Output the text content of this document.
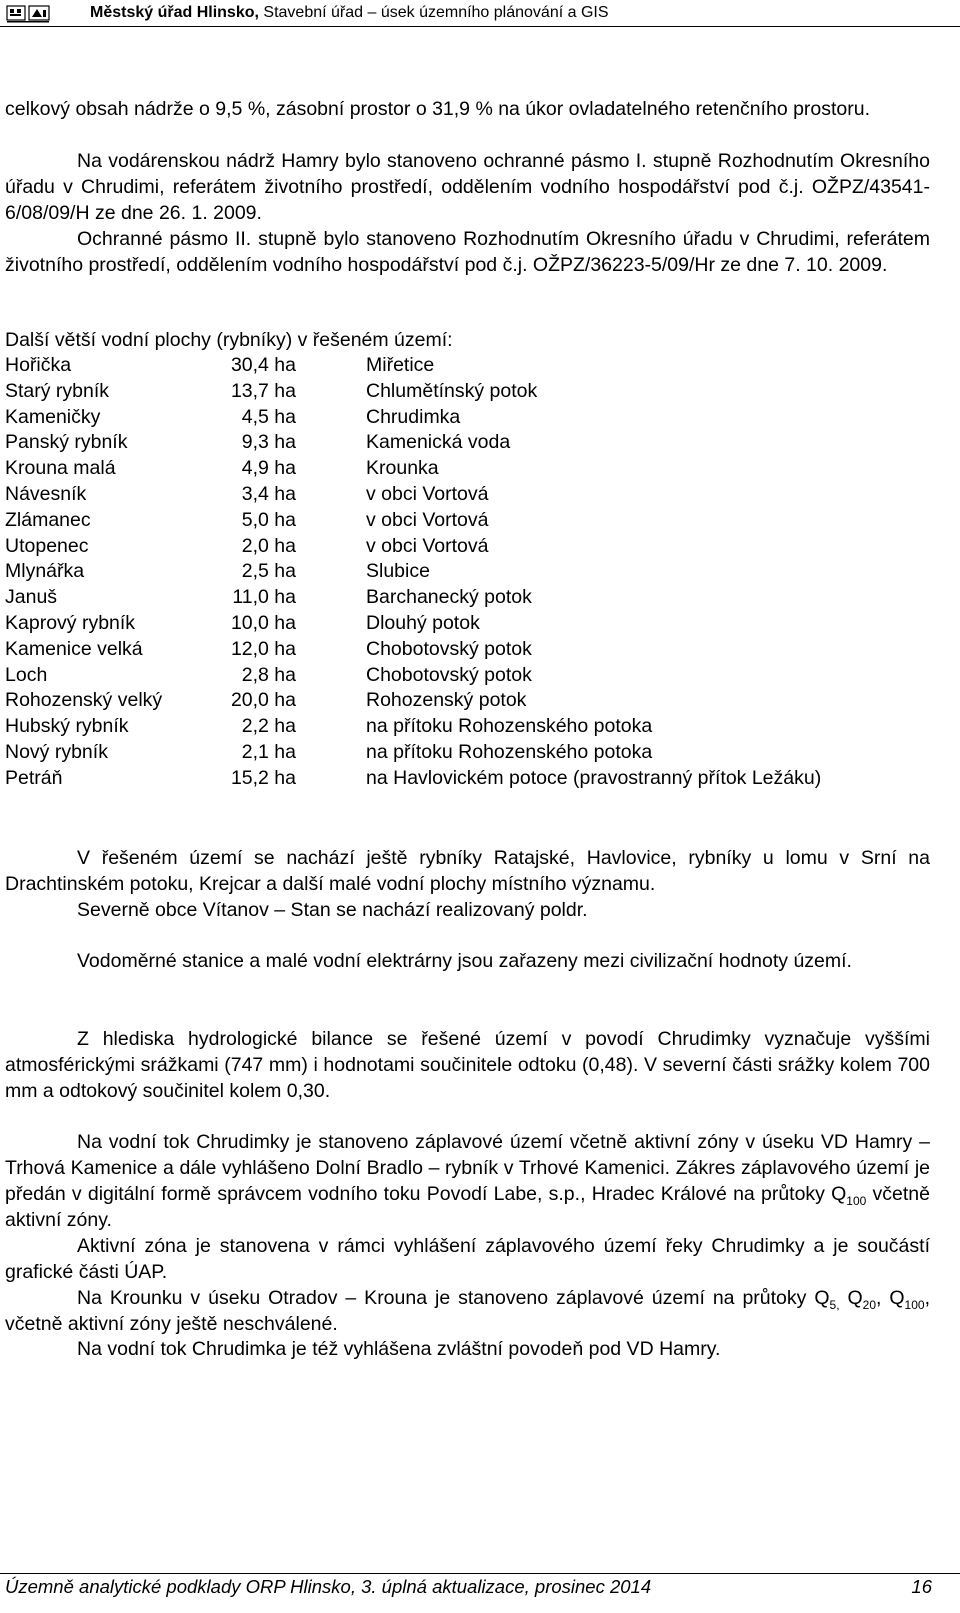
Městský úřad Hlinsko, Stavební úřad – úsek územního plánování a GIS

celkový obsah nádrže o 9,5 %, zásobní prostor o 31,9 % na úkor ovladatelného retenčního prostoru.

Na vodárenskou nádrž Hamry bylo stanoveno ochranné pásmo I. stupně Rozhodnutím Okresního úřadu v Chrudimi, referátem životního prostředí, oddělením vodního hospodářství pod č.j. OŽPZ/43541-6/08/09/H ze dne 26. 1. 2009.

Ochranné pásmo II. stupně bylo stanoveno Rozhodnutím Okresního úřadu v Chrudimi, referátem životního prostředí, oddělením vodního hospodářství pod č.j. OŽPZ/36223-5/09/Hr ze dne 7. 10. 2009.

Další větší vodní plochy (rybníky) v řešeném území:

Hořička	30,4 ha	Miřetice
Starý rybník	13,7 ha	Chlumětínský potok
Kameničky	4,5 ha	Chrudimka
Panský rybník	9,3 ha	Kamenická voda
Krouna malá	4,9 ha	Krounka
Návesník	3,4 ha	v obci Vortová
Zlámanec	5,0 ha	v obci Vortová
Utopenec	2,0 ha	v obci Vortová
Mlynářka	2,5 ha	Slubice
Januš	11,0 ha	Barchanecký potok
Kaprový rybník	10,0 ha	Dlouhý potok
Kamenice velká	12,0 ha	Chobotovský potok
Loch	2,8 ha	Chobotovský potok
Rohozenský velký	20,0 ha	Rohozenský potok
Hubský rybník	2,2 ha	na přítoku Rohozenského potoka
Nový rybník	2,1 ha	na přítoku Rohozenského potoka
Petráň	15,2 ha	na Havlovickém potoce (pravostranný přítok Ležáku)

V řešeném území se nachází ještě rybníky Ratajské, Havlovice, rybníky u lomu v Srní na Drachtinském potoku, Krejcar a další malé vodní plochy místního významu.

Severně obce Vítanov – Stan se nachází realizovaný poldr.

Vodoměrné stanice a malé vodní elektrárny jsou zařazeny mezi civilizační hodnoty území.

Z hlediska hydrologické bilance se řešené území v povodí Chrudimky vyznačuje vyššími atmosférickými srážkami (747 mm) i hodnotami součinitele odtoku (0,48). V severní části srážky kolem 700 mm a odtokový součinitel kolem 0,30.

Na vodní tok Chrudimky je stanoveno záplavové území včetně aktivní zóny v úseku VD Hamry – Trhová Kamenice a dále vyhlášeno Dolní Bradlo – rybník v Trhové Kamenici. Zákres záplavového území je předán v digitální formě správcem vodního toku Povodí Labe, s.p., Hradec Králové na průtoky $Q_{100}$ včetně aktivní zóny.

Aktivní zóna je stanovena v rámci vyhlášení záplavového území řeky Chrudimky a je součástí grafické části ÚAP.

Na Krounku v úseku Otradov – Krouna je stanoveno záplavové území na průtoky $Q_{5,}$ $Q_{20}$, $Q_{100}$, včetně aktivní zóny ještě neschválené.

Na vodní tok Chrudimka je též vyhlášena zvláštní povodeň pod VD Hamry.

Územně analytické podklady ORP Hlinsko, 3. úplná aktualizace, prosinec 2014	16
